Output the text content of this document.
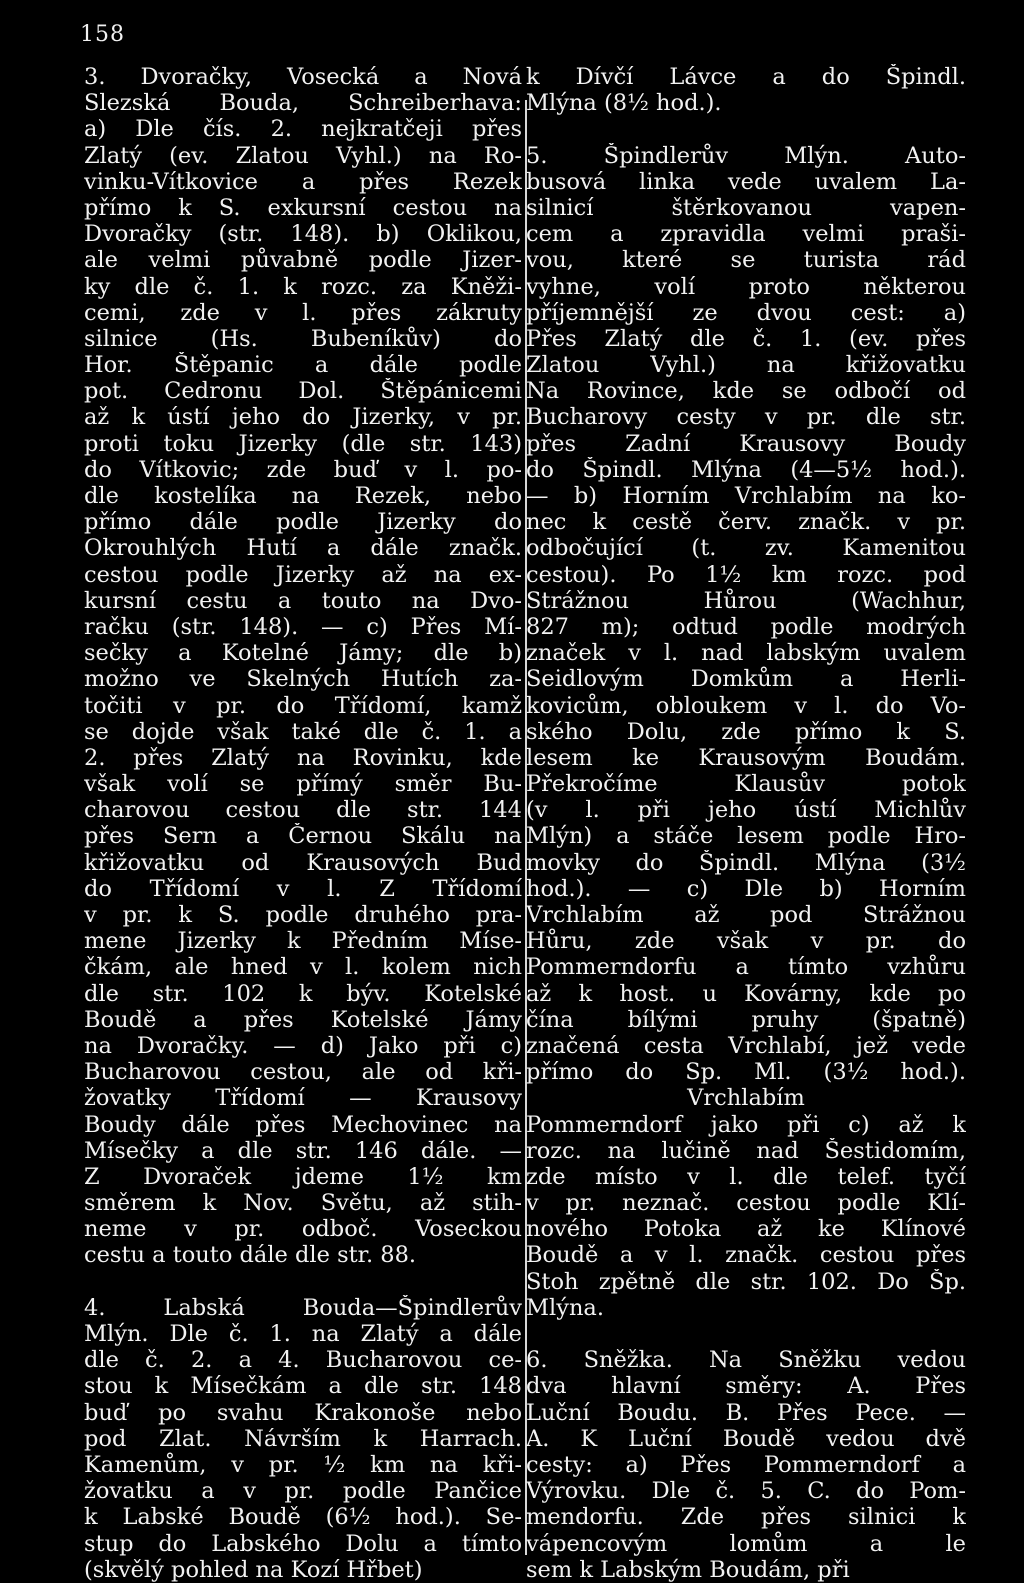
158
3. Dvoračky, Vosecká a Nová
Slezská Bouda, Schreiberhava:
a) Dle čís. 2. nejkratčeji přes
Zlatý (ev. Zlatou Vyhl.) na Ro-
vinku-Vítkovice a přes Rezek
přímo k S. exkursní cestou na
Dvoračky (str. 148). b) Oklikou,
ale velmi půvabně podle Jizer-
ky dle č. 1. k rozc. za Kněži-
cemi, zde v l. přes zákruty
silnice (Hs. Bubeníkův) do
Hor. Štěpanic a dále podle
pot. Cedronu Dol. Štěpánicemi
až k ústí jeho do Jizerky, v pr.
proti toku Jizerky (dle str. 143)
do Vítkovic; zde buď v l. po-
dle kostelíka na Rezek, nebo
přímo dále podle Jizerky do
Okrouhlých Hutí a dále značk.
cestou podle Jizerky až na ex-
kursní cestu a touto na Dvo-
račku (str. 148). — c) Přes Mí-
sečky a Kotelné Jámy; dle b)
možno ve Skelných Hutích za-
točiti v pr. do Třídomí, kamž
se dojde však také dle č. 1. a
2. přes Zlatý na Rovinku, kde
však volí se přímý směr Bu-
charovou cestou dle str. 144
přes Sern a Černou Skálu na
křižovatku od Krausových Bud
do Třídomí v l. Z Třídomí
v pr. k S. podle druhého pra-
mene Jizerky k Předním Míse-
čkám, ale hned v l. kolem nich
dle str. 102 k býv. Kotelské
Boudě a přes Kotelské Jámy
na Dvoračky. — d) Jako při c)
Bucharovou cestou, ale od kři-
žovatky Třídomí — Krausovy
Boudy dále přes Mechovinec na
Mísečky a dle str. 146 dále. —
Z Dvoraček jdeme 1½ km
směrem k Nov. Světu, až stih-
neme v pr. odboč. Voseckou
cestu a touto dále dle str. 88.

4. Labská Bouda—Špindlerův
Mlýn. Dle č. 1. na Zlatý a dále
dle č. 2. a 4. Bucharovou ce-
stou k Mísečkám a dle str. 148
buď po svahu Krakonoše nebo
pod Zlat. Návrším k Harrach.
Kamenům, v pr. ½ km na kři-
žovatku a v pr. podle Pančice
k Labské Boudě (6½ hod.). Se-
stup do Labského Dolu a tímto
(skvělý pohled na Kozí Hřbet)
k Dívčí Lávce a do Špindl.
Mlýna (8½ hod.).

5. Špindlerův Mlýn. Auto-
busová linka vede uvalem La-
silnicí štěrkovanou vapen-
cem a zpravidla velmi praši-
vou, které se turista rád
vyhne, volí proto některou
příjemnější ze dvou cest: a)
Přes Zlatý dle č. 1. (ev. přes
Zlatou Vyhl.) na křižovatku
Na Rovince, kde se odbočí od
Bucharovy cesty v pr. dle str.
přes Zadní Krausovy Boudy
do Špindl. Mlýna (4—5½ hod.).
— b) Horním Vrchlabím na ko-
nec k cestě červ. značk. v pr.
odbočující (t. zv. Kamenitou
cestou). Po 1½ km rozc. pod
Strážnou Hůrou (Wachhur,
827 m); odtud podle modrých
značek v l. nad labským uvalem
Seidlovým Domkům a Herli-
kovicům, obloukem v l. do Vo-
ského Dolu, zde přímo k S.
lesem ke Krausovým Boudám.
Překročíme Klausův potok
(v l. při jeho ústí Michlův
Mlýn) a stáče lesem podle Hro-
movky do Špindl. Mlýna (3½
hod.). — c) Dle b) Horním
Vrchlabím až pod Strážnou
Hůru, zde však v pr. do
Pommerndorfu a tímto vzhůru
až k host. u Kovárny, kde po
čína bílými pruhy (špatně)
značená cesta Vrchlabí, jež vede
přímo do Sp. Ml. (3½ hod.).
Vrchlabím
Pommerndorf jako při c) až k
rozc. na lučině nad Šestidomím,
zde místo v l. dle telef. tyčí
v pr. neznač. cestou podle Klí-
nového Potoka až ke Klínové
Boudě a v l. značk. cestou přes
Stoh zpětně dle str. 102. Do Šp.
Mlýna.

6. Sněžka. Na Sněžku vedou
dva hlavní směry: A. Přes
Luční Boudu. B. Přes Pece. —
A. K Luční Boudě vedou dvě
cesty: a) Přes Pommerndorf a
Výrovku. Dle č. 5. C. do Pom-
mendorfu. Zde přes silnici k
vápencovým lomům a le
sem k Labským Boudám, při
